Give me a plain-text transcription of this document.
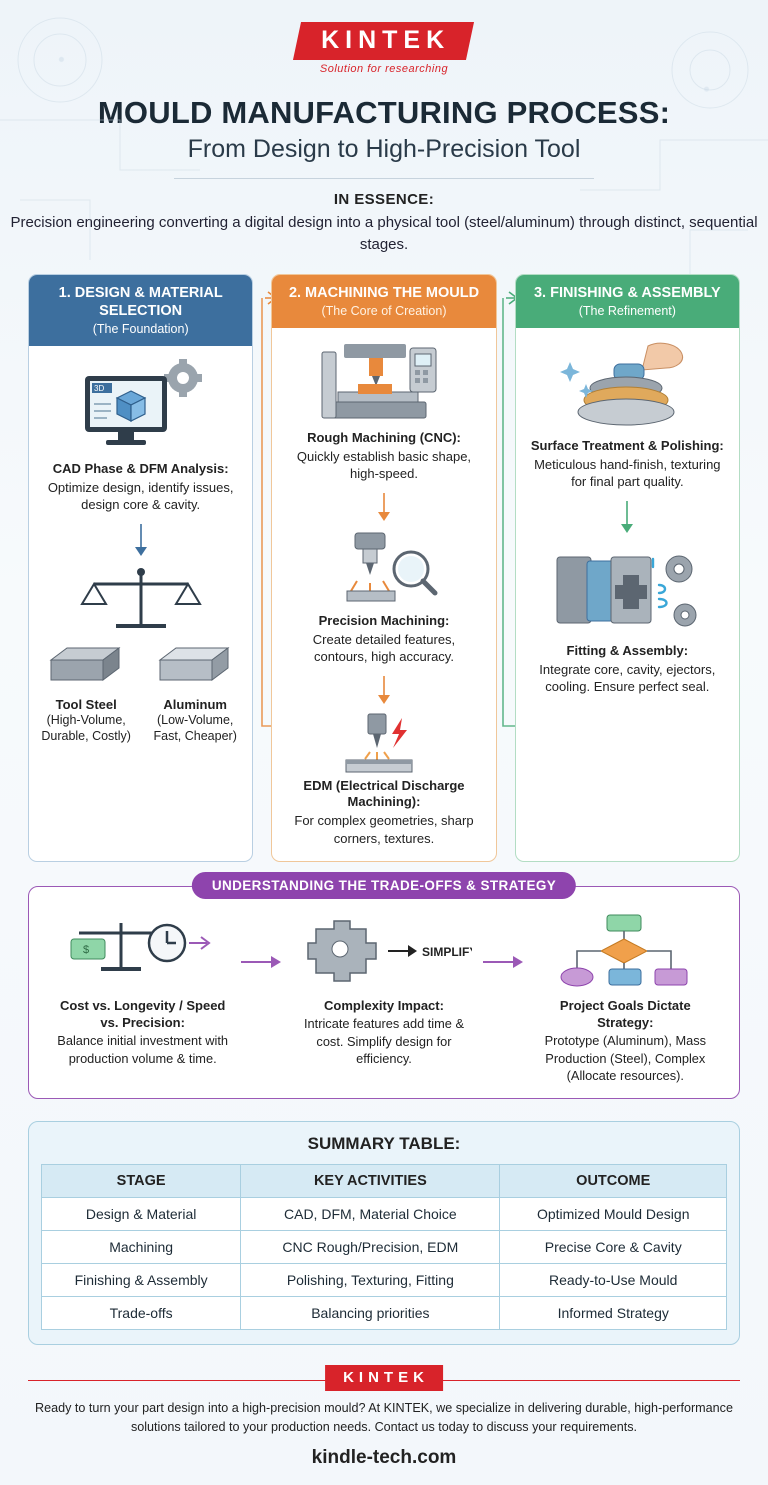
KINTEK
Solution for researching
MOULD MANUFACTURING PROCESS:
From Design to High-Precision Tool
IN ESSENCE:

Precision engineering converting a digital design into a physical tool (steel/aluminum) through distinct, sequential stages.

1. DESIGN & MATERIAL SELECTION
(The Foundation)
3D
CAD Phase & DFM Analysis:
Optimize design, identify issues, design core & cavity.
Tool Steel
(High-Volume, Durable, Costly)
Aluminum
(Low-Volume, Fast, Cheaper)
2. MACHINING THE MOULD
(The Core of Creation)
Rough Machining (CNC):
Quickly establish basic shape, high-speed.
Precision Machining:
Create detailed features, contours, high accuracy.
EDM (Electrical Discharge Machining):
For complex geometries, sharp corners, textures.
3. FINISHING & ASSEMBLY
(The Refinement)
Surface Treatment & Polishing:
Meticulous hand-finish, texturing for final part quality.
Fitting & Assembly:
Integrate core, cavity, ejectors, cooling. Ensure perfect seal.
UNDERSTANDING THE TRADE-OFFS & STRATEGY
$
Cost vs. Longevity / Speed vs. Precision:
Balance initial investment with production volume & time.
SIMPLIFY
Complexity Impact:
Intricate features add time & cost. Simplify design for efficiency.
Project Goals Dictate Strategy:
Prototype (Aluminum), Mass Production (Steel), Complex (Allocate resources).
SUMMARY TABLE:
STAGE	KEY ACTIVITIES	OUTCOME
Design & Material	CAD, DFM, Material Choice	Optimized Mould Design
Machining	CNC Rough/Precision, EDM	Precise Core & Cavity
Finishing & Assembly	Polishing, Texturing, Fitting	Ready-to-Use Mould
Trade-offs	Balancing priorities	Informed Strategy
KINTEK
Ready to turn your part design into a high-precision mould? At KINTEK, we specialize in delivering durable, high-performance solutions tailored to your production needs. Contact us today to discuss your requirements.
kindle-tech.com
